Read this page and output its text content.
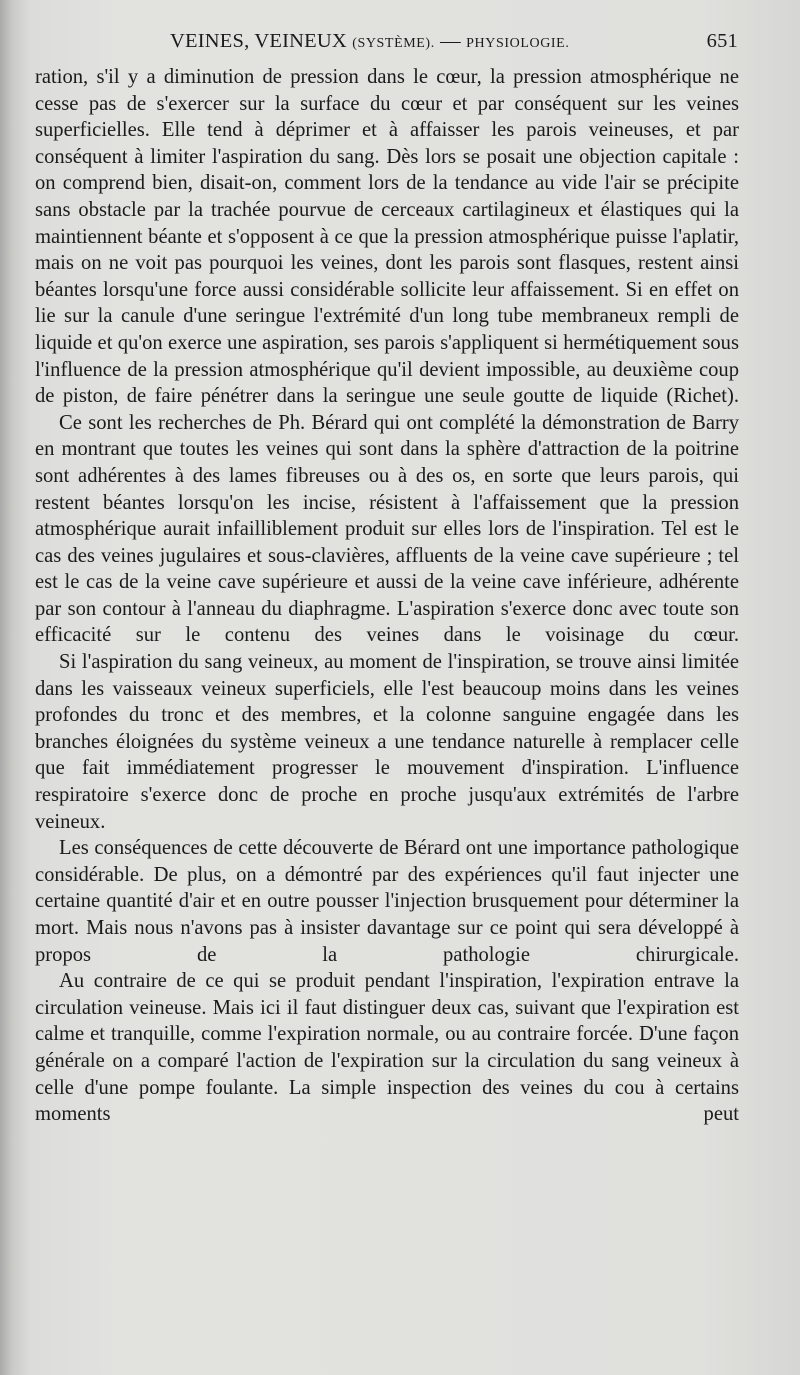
VEINES, VEINEUX (SYSTÈME). — PHYSIOLOGIE.	651

ration, s'il y a diminution de pression dans le cœur, la pression atmosphérique ne cesse pas de s'exercer sur la surface du cœur et par conséquent sur les veines superficielles. Elle tend à déprimer et à affaisser les parois veineuses, et par conséquent à limiter l'aspiration du sang. Dès lors se posait une objection capitale : on comprend bien, disait-on, comment lors de la tendance au vide l'air se précipite sans obstacle par la trachée pourvue de cerceaux cartilagineux et élastiques qui la maintiennent béante et s'opposent à ce que la pression atmosphérique puisse l'aplatir, mais on ne voit pas pourquoi les veines, dont les parois sont flasques, restent ainsi béantes lorsqu'une force aussi considérable sollicite leur affaissement. Si en effet on lie sur la canule d'une seringue l'extrémité d'un long tube membraneux rempli de liquide et qu'on exerce une aspiration, ses parois s'appliquent si hermétiquement sous l'influence de la pression atmosphérique qu'il devient impossible, au deuxième coup de piston, de faire pénétrer dans la seringue une seule goutte de liquide (Richet).

Ce sont les recherches de Ph. Bérard qui ont complété la démonstration de Barry en montrant que toutes les veines qui sont dans la sphère d'attraction de la poitrine sont adhérentes à des lames fibreuses ou à des os, en sorte que leurs parois, qui restent béantes lorsqu'on les incise, résistent à l'affaissement que la pression atmosphérique aurait infailliblement produit sur elles lors de l'inspiration. Tel est le cas des veines jugulaires et sous-clavières, affluents de la veine cave supérieure ; tel est le cas de la veine cave supérieure et aussi de la veine cave inférieure, adhérente par son contour à l'anneau du diaphragme. L'aspiration s'exerce donc avec toute son efficacité sur le contenu des veines dans le voisinage du cœur.

Si l'aspiration du sang veineux, au moment de l'inspiration, se trouve ainsi limitée dans les vaisseaux veineux superficiels, elle l'est beaucoup moins dans les veines profondes du tronc et des membres, et la colonne sanguine engagée dans les branches éloignées du système veineux a une tendance naturelle à remplacer celle que fait immédiatement progresser le mouvement d'inspiration. L'influence respiratoire s'exerce donc de proche en proche jusqu'aux extrémités de l'arbre veineux.

Les conséquences de cette découverte de Bérard ont une importance pathologique considérable. De plus, on a démontré par des expériences qu'il faut injecter une certaine quantité d'air et en outre pousser l'injection brusquement pour déterminer la mort. Mais nous n'avons pas à insister davantage sur ce point qui sera développé à propos de la pathologie chirurgicale.

Au contraire de ce qui se produit pendant l'inspiration, l'expiration entrave la circulation veineuse. Mais ici il faut distinguer deux cas, suivant que l'expiration est calme et tranquille, comme l'expiration normale, ou au contraire forcée. D'une façon générale on a comparé l'action de l'expiration sur la circulation du sang veineux à celle d'une pompe foulante. La simple inspection des veines du cou à certains moments peut
